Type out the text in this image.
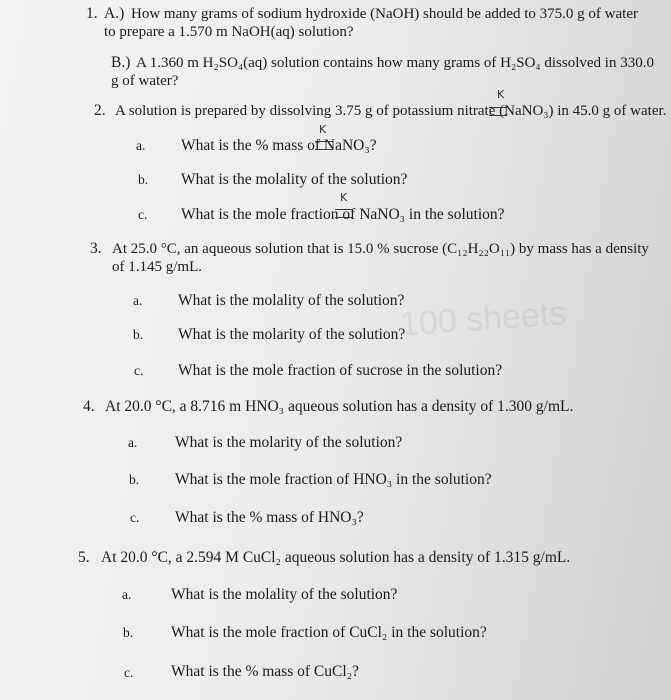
100 sheets
1. A.) How many grams of sodium hydroxide (NaOH) should be added to 375.0 g of water
to prepare a 1.570 m NaOH(aq) solution?
B.) A 1.360 m H₂SO₄(aq) solution contains how many grams of H₂SO₄ dissolved in 330.0
g of water?
2. A solution is prepared by dissolving 3.75 g of potassium nitrate (NaNO₃) in 45.0 g of water.
K
a. What is the % mass of NaNO₃?
K
b. What is the molality of the solution?
c. What is the mole fraction of NaNO₃ in the solution?
K
3. At 25.0 °C, an aqueous solution that is 15.0 % sucrose (C₁₂H₂₂O₁₁) by mass has a density
of 1.145 g/mL.
a. What is the molality of the solution?
b. What is the molarity of the solution?
c. What is the mole fraction of sucrose in the solution?
4. At 20.0 °C, a 8.716 m HNO₃ aqueous solution has a density of 1.300 g/mL.
a. What is the molarity of the solution?
b. What is the mole fraction of HNO₃ in the solution?
c. What is the % mass of HNO₃?
5. At 20.0 °C, a 2.594 M CuCl₂ aqueous solution has a density of 1.315 g/mL.
a.	What is the molality of the solution?
b. What is the mole fraction of CuCl₂ in the solution?
c. What is the % mass of CuCl₂?
